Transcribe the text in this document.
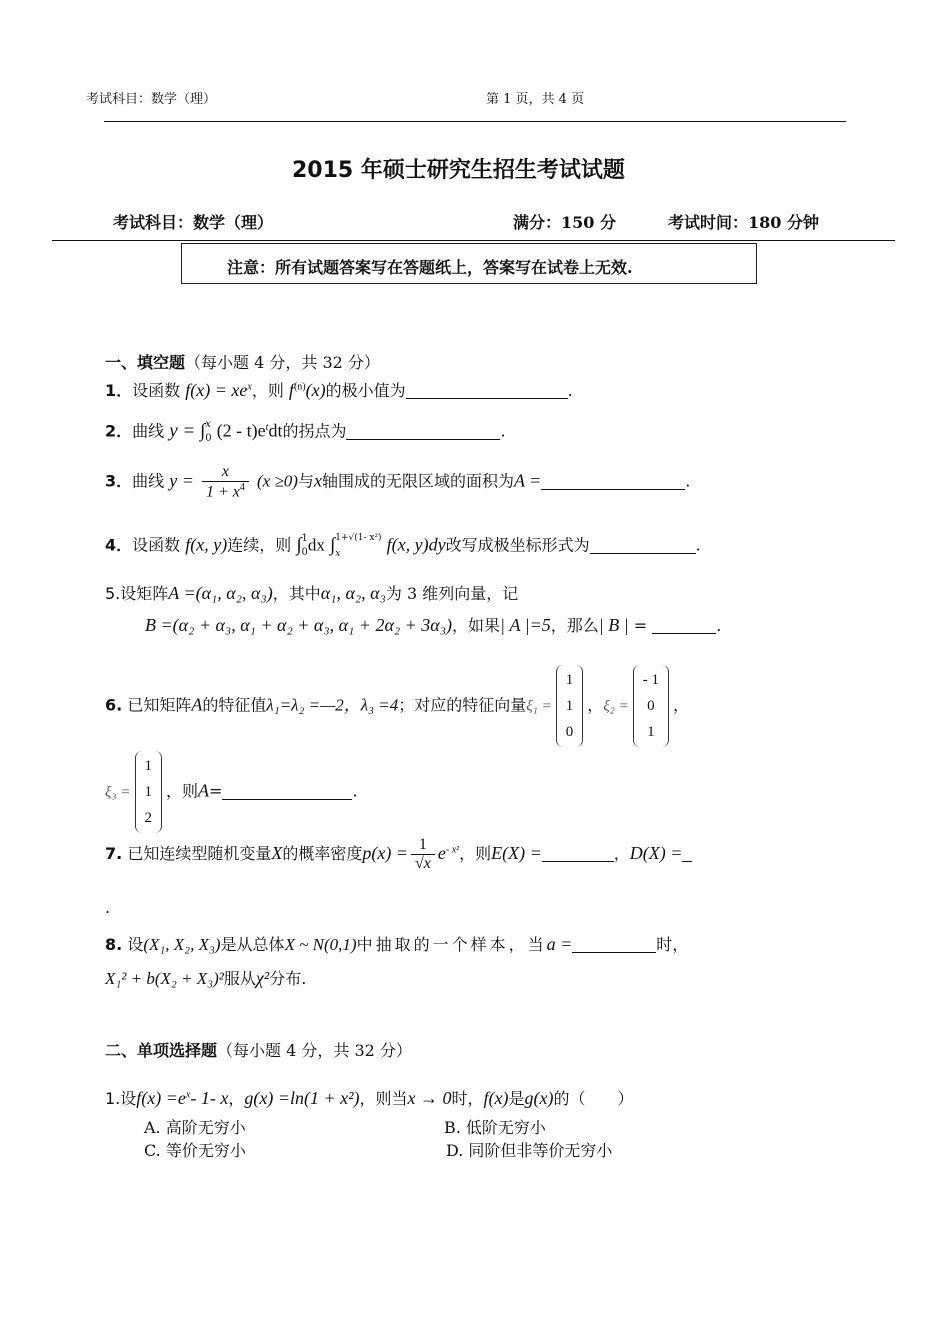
考试科目：数学（理）	第 1 页，共 4 页
2015 年硕士研究生招生考试试题
考试科目：数学（理）	满分：150 分	考试时间：180 分钟
注意：所有试题答案写在答题纸上，答案写在试卷上无效.
一、填空题（每小题 4 分，共 32 分）
1．设函数 $f(x) = xe^x$，则 $f^{(n)}(x)$的极小值为	.
2．曲线 y = ∫ x
0 $(2 - t)e^tdt$的拐点为	.
3．曲线 $y = \frac{x}{1 + x^4} (x \ge 0)$与x轴围成的无限区域的面积为A =	.
4．设函数 f(x, y)连续，则 ∫ 1
0 dx ∫ 1+√(1- x²)
x	f(x, y)dy改写成极坐标形式为	.
5.设矩阵A =(α₁, α₂, α₃)，其中α₁, α₂, α₃为 3 维列向量，记
B =(α₂ + α₃, α₁ + α₂ + α₃, α₁ + 2α₂ + 3α₃)，如果| A |=5，那么| B | =	.
6. 已知矩阵A的特征值λ₁=λ₂ =—2，λ₃ =4；对应的特征向量ξ₁ =
1
1
0
，ξ₂ =
- 1
0
1
，
ξ₃ =
1
1
2
，则A=	.
7. 已知连续型随机变量X的概率密度$p(x) = \frac{1}{√x} e^{- x^2}$，则E(X) =	，D(X) =
.
8. 设(X₁, X₂, X₃)是从总体X ~ N(0,1)中抽取的一个样本，当a =	时，
X₁² + b(X₂ + X₃)²服从χ²分布.
二、单项选择题（每小题 4 分，共 32 分）
1.设$f(x) =e^x-$ 1- x，g(x) =ln(1 + x²)，则当x → 0时，f(x)是g(x)的（　　）
A. 高阶无穷小	B. 低阶无穷小
C. 等价无穷小	D. 同阶但非等价无穷小
